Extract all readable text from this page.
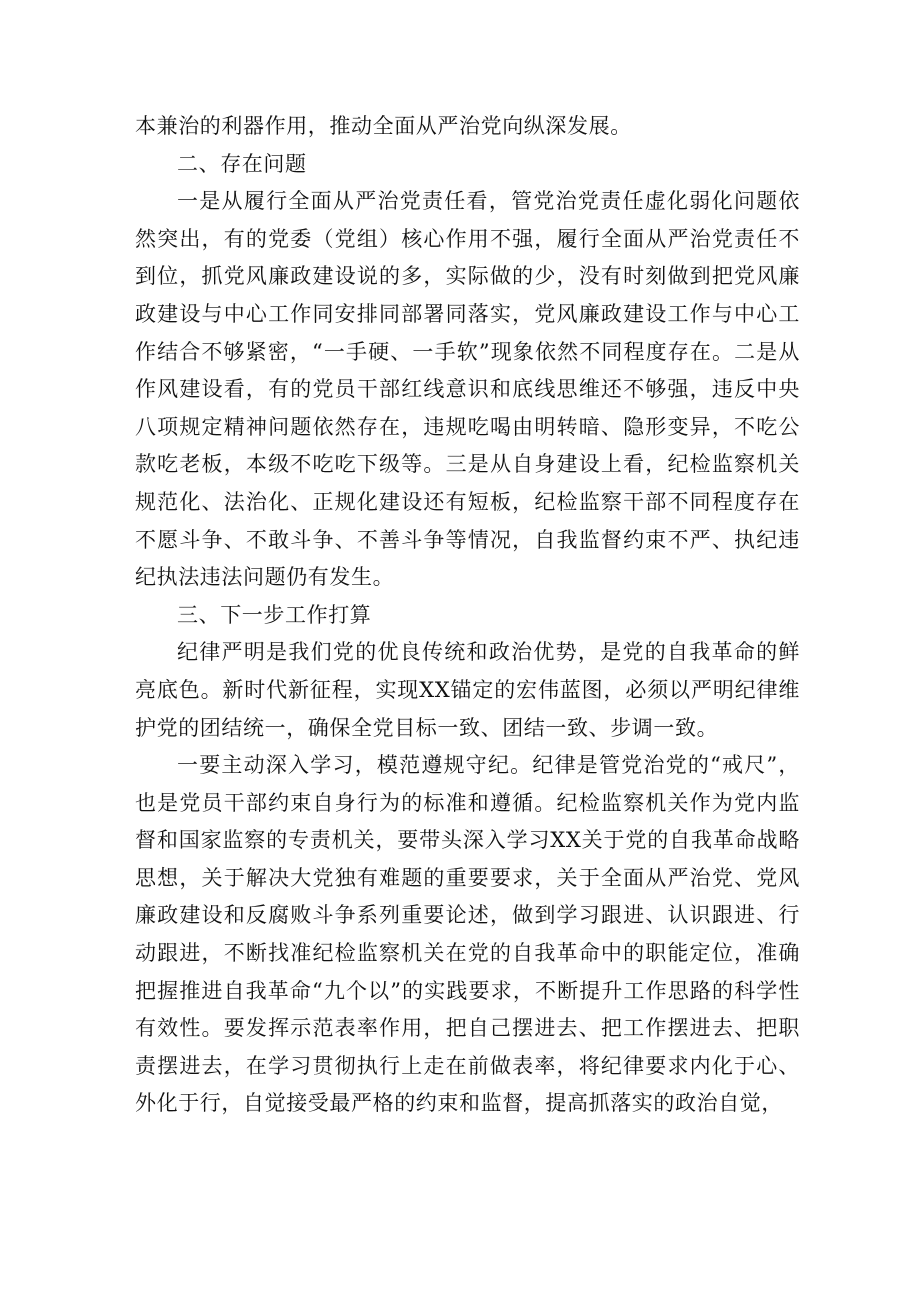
本兼治的利器作用，推动全面从严治党向纵深发展。

二、存在问题

一是从履行全面从严治党责任看，管党治党责任虚化弱化问题依然突出，有的党委（党组）核心作用不强，履行全面从严治党责任不到位，抓党风廉政建设说的多，实际做的少，没有时刻做到把党风廉政建设与中心工作同安排同部署同落实，党风廉政建设工作与中心工作结合不够紧密，“一手硬、一手软”现象依然不同程度存在。二是从作风建设看，有的党员干部红线意识和底线思维还不够强，违反中央八项规定精神问题依然存在，违规吃喝由明转暗、隐形变异，不吃公款吃老板，本级不吃吃下级等。三是从自身建设上看，纪检监察机关规范化、法治化、正规化建设还有短板，纪检监察干部不同程度存在不愿斗争、不敢斗争、不善斗争等情况，自我监督约束不严、执纪违纪执法违法问题仍有发生。

三、下一步工作打算

纪律严明是我们党的优良传统和政治优势，是党的自我革命的鲜亮底色。新时代新征程，实现XX锚定的宏伟蓝图，必须以严明纪律维护党的团结统一，确保全党目标一致、团结一致、步调一致。

一要主动深入学习，模范遵规守纪。纪律是管党治党的“戒尺”，也是党员干部约束自身行为的标准和遵循。纪检监察机关作为党内监督和国家监察的专责机关，要带头深入学习XX关于党的自我革命战略思想，关于解决大党独有难题的重要要求，关于全面从严治党、党风廉政建设和反腐败斗争系列重要论述，做到学习跟进、认识跟进、行动跟进，不断找准纪检监察机关在党的自我革命中的职能定位，准确把握推进自我革命“九个以”的实践要求，不断提升工作思路的科学性有效性。要发挥示范表率作用，把自己摆进去、把工作摆进去、把职责摆进去，在学习贯彻执行上走在前做表率，将纪律要求内化于心、外化于行，自觉接受最严格的约束和监督，提高抓落实的政治自觉，
